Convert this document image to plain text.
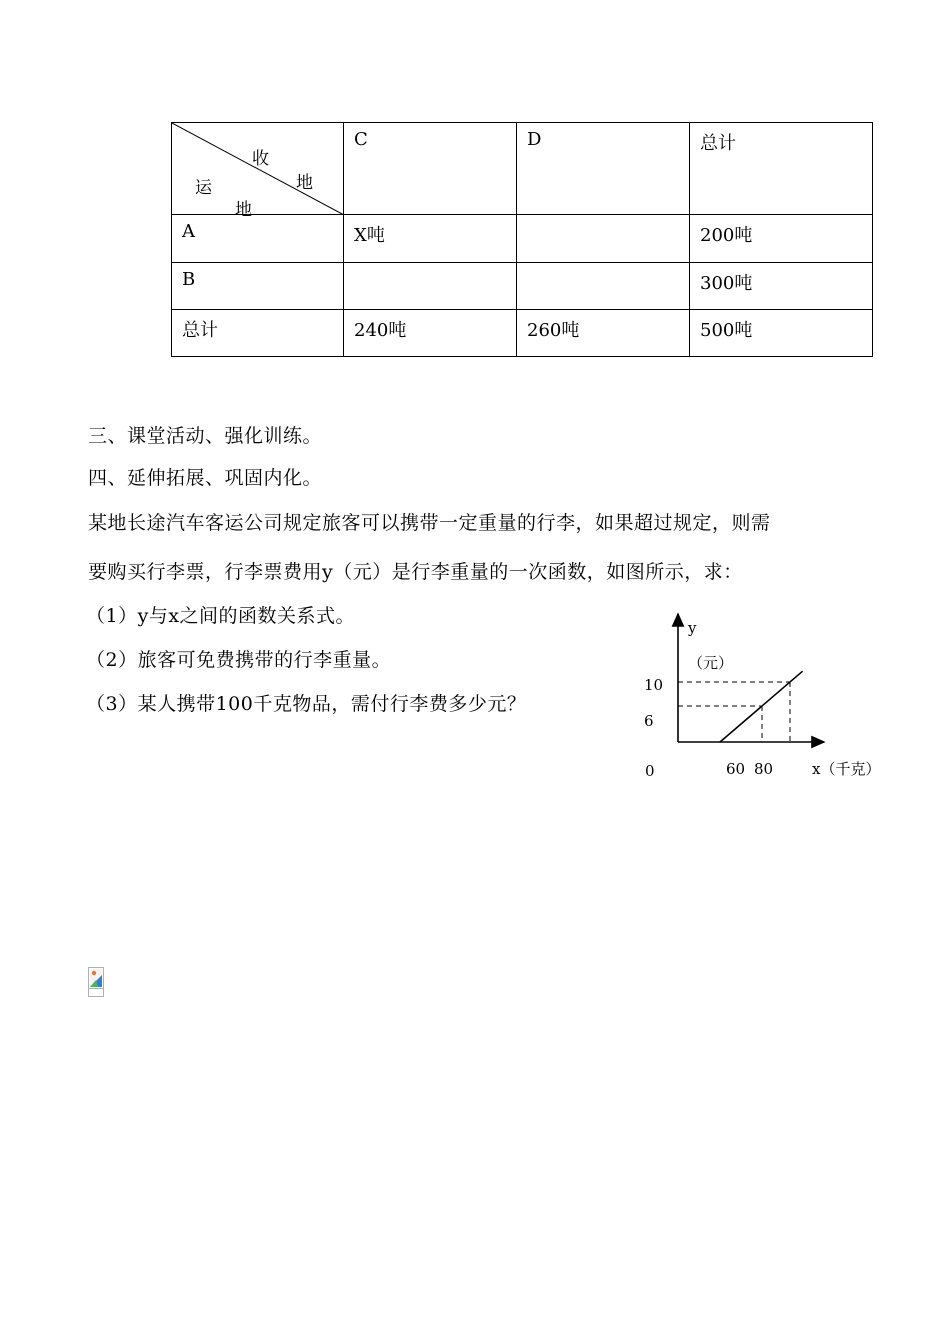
收
地
运
地	C	D	总计
A	X吨		200吨
B			300吨
总计	240吨	260吨	500吨
三、课堂活动、强化训练。
四、延伸拓展、巩固内化。
某地长途汽车客运公司规定旅客可以携带一定重量的行李，如果超过规定，则需
要购买行李票，行李票费用y（元）是行李重量的一次函数，如图所示，求：
（1）y与x之间的函数关系式。
（2）旅客可免费携带的行李重量。
（3）某人携带100千克物品，需付行李费多少元？
y
（元）
10
6
0	60 80	x（千克）
